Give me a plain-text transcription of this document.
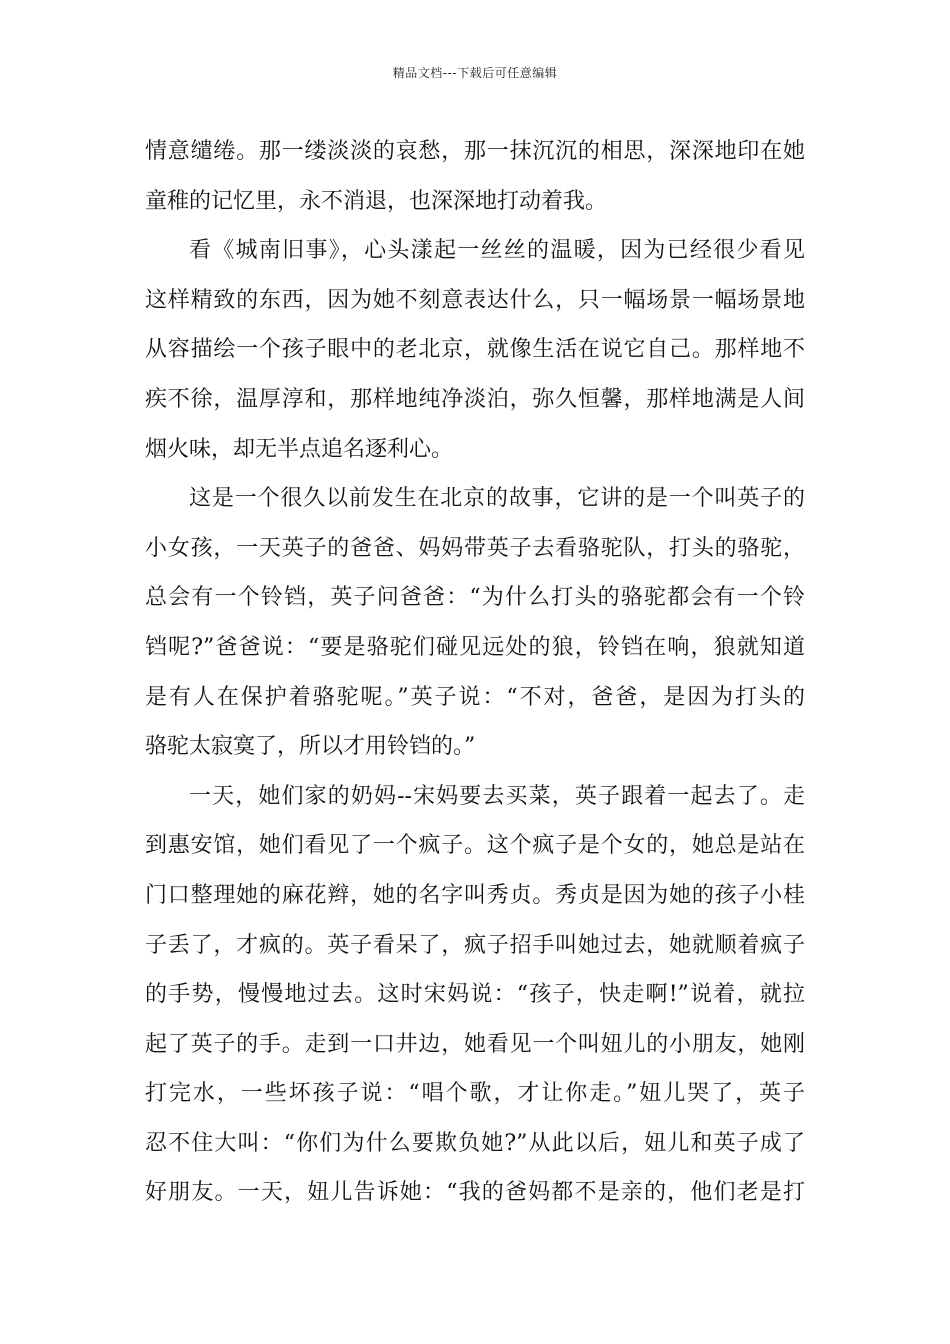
精品文档---下载后可任意编辑
情意缱绻。那一缕淡淡的哀愁，那一抹沉沉的相思，深深地印在她
童稚的记忆里，永不消退，也深深地打动着我。
看《城南旧事》，心头漾起一丝丝的温暖，因为已经很少看见
这样精致的东西，因为她不刻意表达什么，只一幅场景一幅场景地
从容描绘一个孩子眼中的老北京，就像生活在说它自己。那样地不
疾不徐，温厚淳和，那样地纯净淡泊，弥久恒馨，那样地满是人间
烟火味，却无半点追名逐利心。
这是一个很久以前发生在北京的故事，它讲的是一个叫英子的
小女孩，一天英子的爸爸、妈妈带英子去看骆驼队，打头的骆驼，
总会有一个铃铛，英子问爸爸：“为什么打头的骆驼都会有一个铃
铛呢?”爸爸说：“要是骆驼们碰见远处的狼，铃铛在响，狼就知道
是有人在保护着骆驼呢。”英子说：“不对，爸爸，是因为打头的
骆驼太寂寞了，所以才用铃铛的。”
一天，她们家的奶妈--宋妈要去买菜，英子跟着一起去了。走
到惠安馆，她们看见了一个疯子。这个疯子是个女的，她总是站在
门口整理她的麻花辫，她的名字叫秀贞。秀贞是因为她的孩子小桂
子丢了，才疯的。英子看呆了，疯子招手叫她过去，她就顺着疯子
的手势，慢慢地过去。这时宋妈说：“孩子，快走啊!”说着，就拉
起了英子的手。走到一口井边，她看见一个叫妞儿的小朋友，她刚
打完水，一些坏孩子说：“唱个歌，才让你走。”妞儿哭了，英子
忍不住大叫：“你们为什么要欺负她?”从此以后，妞儿和英子成了
好朋友。一天，妞儿告诉她：“我的爸妈都不是亲的，他们老是打
